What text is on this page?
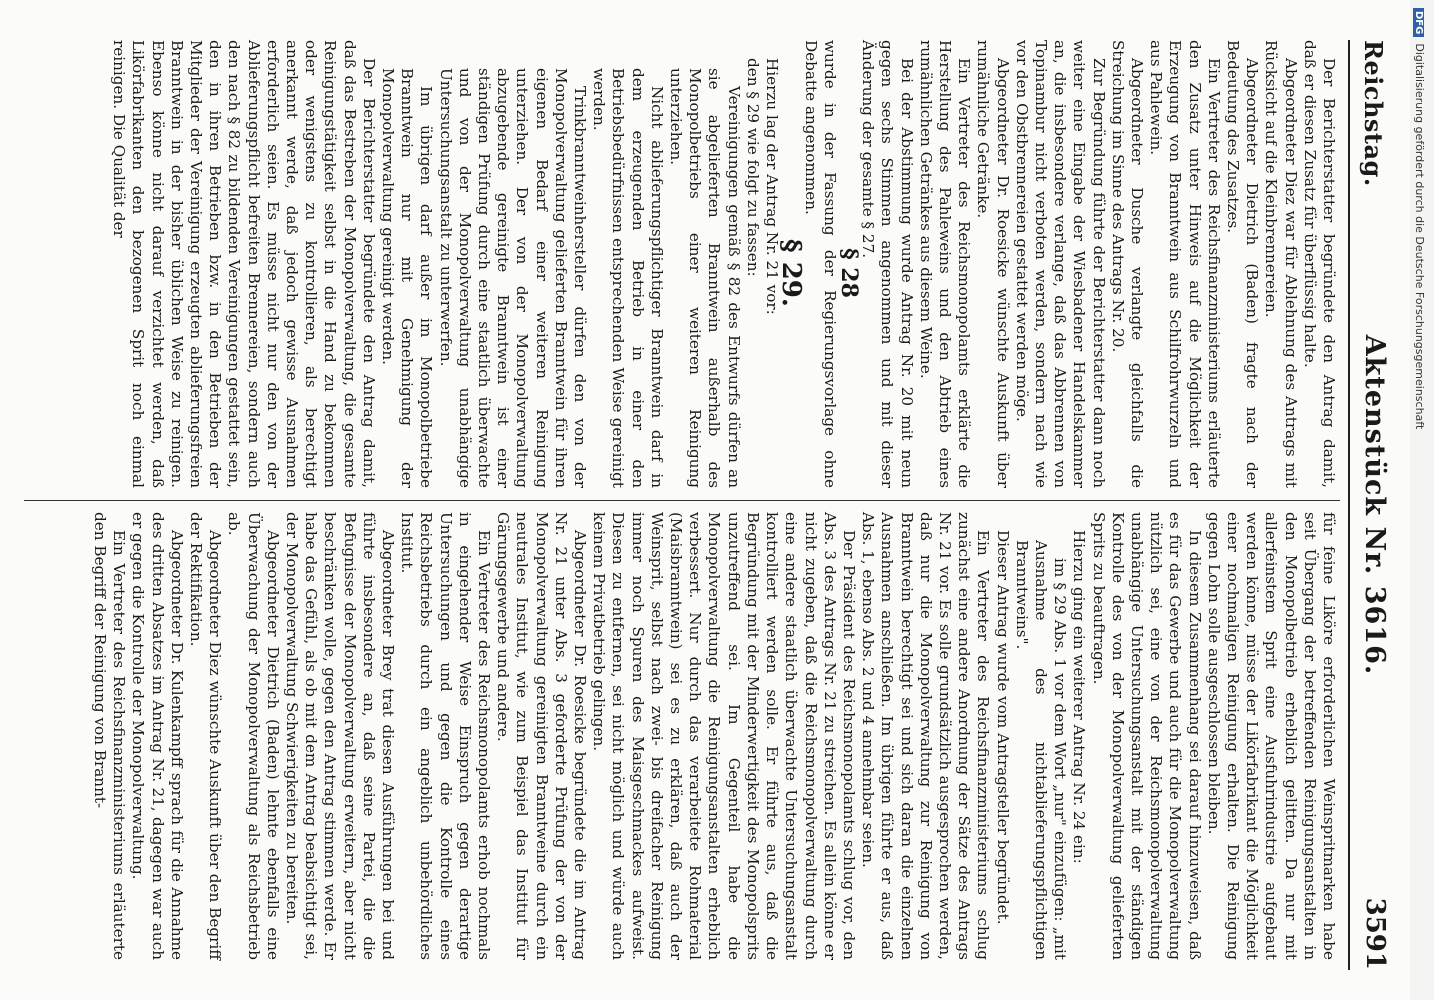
Reichstag.
Aktenstück Nr. 3616.
3591

Der Berichterstatter begründete den Antrag damit, daß er diesen Zusatz für überflüssig halte.

Abgeordneter Diez war für Ablehnung des Antrags mit Rücksicht auf die Kleinbrennereien.

Abgeordneter Dietrich (Baden) fragte nach der Bedeutung des Zusatzes.

Ein Vertreter des Reichsfinanzministeriums erläuterte den Zusatz unter Hinweis auf die Möglichkeit der Erzeugung von Branntwein aus Schilfrohrwurzeln und aus Pahlewein.

Abgeordneter Dusche verlangte gleichfalls die Streichung im Sinne des Antrags Nr. 20.

Zur Begründung führte der Berichterstatter dann noch weiter eine Eingabe der Wiesbadener Handelskammer an, die insbesondere verlange, daß das Abbrennen von Topinambur nicht verboten werden, sondern nach wie vor den Obstbrennereien gestattet werden möge.

Abgeordneter Dr. Roesicke wünschte Auskunft über rumähnliche Getränke.

Ein Vertreter des Reichsmonopolamts erklärte die Herstellung des Pahleweins und den Abtrieb eines rumähnlichen Getränkes aus diesem Weine.

Bei der Abstimmung wurde Antrag Nr. 20 mit neun gegen sechs Stimmen angenommen und mit dieser Änderung der gesamte § 27.

§ 28

wurde in der Fassung der Regierungsvorlage ohne Debatte angenommen.

§ 29.

Hierzu lag der Antrag Nr. 21 vor:

den § 29 wie folgt zu fassen:

Vereinigungen gemäß § 82 des Entwurfs dürfen an sie abgelieferten Branntwein außerhalb des Monopolbetriebs einer weiteren Reinigung unterziehen.

Nicht ablieferungspflichtiger Branntwein darf in dem erzeugenden Betrieb in einer den Betriebsbedürfnissen entsprechenden Weise gereinigt werden.

Trinkbranntweinhersteller dürfen den von der Monopolverwaltung gelieferten Branntwein für ihren eigenen Bedarf einer weiteren Reinigung unterziehen. Der von der Monopolverwaltung abzugebende gereinigte Branntwein ist einer ständigen Prüfung durch eine staatlich überwachte und von der Monopolverwaltung unabhängige Untersuchungsanstalt zu unterwerfen.

Im übrigen darf außer im Monopolbetriebe Branntwein nur mit Genehmigung der Monopolverwaltung gereinigt werden.

Der Berichterstatter begründete den Antrag damit, daß das Bestreben der Monopolverwaltung, die gesamte Reinigungstätigkeit selbst in die Hand zu bekommen oder wenigstens zu kontrollieren, als berechtigt anerkannt werde, daß jedoch gewisse Ausnahmen erforderlich seien. Es müsse nicht nur den von der Ablieferungspflicht befreiten Brennereien, sondern auch den nach § 82 zu bildenden Vereinigungen gestattet sein, den in ihren Betrieben bzw. in den Betrieben der Mitglieder der Vereinigung erzeugten ablieferungsfreien Branntwein in der bisher üblichen Weise zu reinigen. Ebenso könne nicht darauf verzichtet werden, daß Likörfabrikanten den bezogenen Sprit noch einmal reinigen. Die Qualität der

für feine Liköre erforderlichen Weinspritmarken habe seit Übergang der betreffenden Reinigungsanstalten in den Monopolbetrieb erheblich gelitten. Da nur mit allerfeinstem Sprit eine Ausfuhrindustrie aufgebaut werden könne, müsse der Likörfabrikant die Möglichkeit einer nochmaligen Reinigung erhalten. Die Reinigung gegen Lohn solle ausgeschlossen bleiben.

In diesem Zusammenhang sei darauf hinzuweisen, daß es für das Gewerbe und auch für die Monopolverwaltung nützlich sei, eine von der Reichsmonopolverwaltung unabhängige Untersuchungsanstalt mit der ständigen Kontrolle des von der Monopolverwaltung gelieferten Sprits zu beauftragen.

Hierzu ging ein weiterer Antrag Nr. 24 ein:

im § 29 Abs. 1 vor dem Wort „nur" einzufügen: „mit Ausnahme des nichtablieferungspflichtigen Branntweins".

Dieser Antrag wurde vom Antragsteller begründet.

Ein Vertreter des Reichsfinanzministeriums schlug zunächst eine andere Anordnung der Sätze des Antrags Nr. 21 vor. Es solle grundsätzlich ausgesprochen werden, daß nur die Monopolverwaltung zur Reinigung von Branntwein berechtigt sei und sich daran die einzelnen Ausnahmen anschließen. Im übrigen führte er aus, daß Abs. 1, ebenso Abs. 2 und 4 annehmbar seien.

Der Präsident des Reichsmonopolamts schlug vor, den Abs. 3 des Antrags Nr. 21 zu streichen. Es allein könne er nicht zugeben, daß die Reichsmonopolverwaltung durch eine andere staatlich überwachte Untersuchungsanstalt kontrolliert werden solle. Er führte aus, daß die Begründung mit der Minderwertigkeit des Monopolsprits unzutreffend sei. Im Gegenteil habe die Monopolverwaltung die Reinigungsanstalten erheblich verbessert. Nur durch das verarbeitete Rohmaterial (Maisbranntwein) sei es zu erklären, daß auch der Weinsprit, selbst nach zwei- bis dreifacher Reinigung immer noch Spuren des Maisgeschmackes aufweist. Diesen zu entfernen, sei nicht möglich und würde auch keinem Privatbetrieb gelingen.

Abgeordneter Dr. Roesicke begründete die im Antrag Nr. 21 unter Abs. 3 geforderte Prüfung der von der Monopolverwaltung gereinigten Branntweine durch ein neutrales Institut, wie zum Beispiel das Institut für Gärungsgewerbe und andere.

Ein Vertreter des Reichsmonopolamts erhob nochmals in eingehender Weise Einspruch gegen derartige Untersuchungen und gegen die Kontrolle eines Reichsbetriebs durch ein angeblich unbehördliches Institut.

Abgeordneter Brey trat diesen Ausführungen bei und führte insbesondere an, daß seine Partei, die die Befugnisse der Monopolverwaltung erweitern, aber nicht beschränken wolle, gegen den Antrag stimmen werde. Er habe das Gefühl, als ob mit dem Antrag beabsichtigt sei, der Monopolverwaltung Schwierigkeiten zu bereiten.

Abgeordneter Dietrich (Baden) lehnte ebenfalls eine Überwachung der Monopolverwaltung als Reichsbetrieb ab.

Abgeordneter Diez wünschte Auskunft über den Begriff der Rektifikation.

Abgeordneter Dr. Kulenkampff sprach für die Annahme des dritten Absatzes im Antrag Nr. 21, dagegen war auch er gegen die Kontrolle der Monopolverwaltung.

Ein Vertreter des Reichsfinanzministeriums erläuterte den Begriff der Reinigung von Brannt-

DFGDigitalisierung gefördert durch die Deutsche Forschungsgemeinschaft
